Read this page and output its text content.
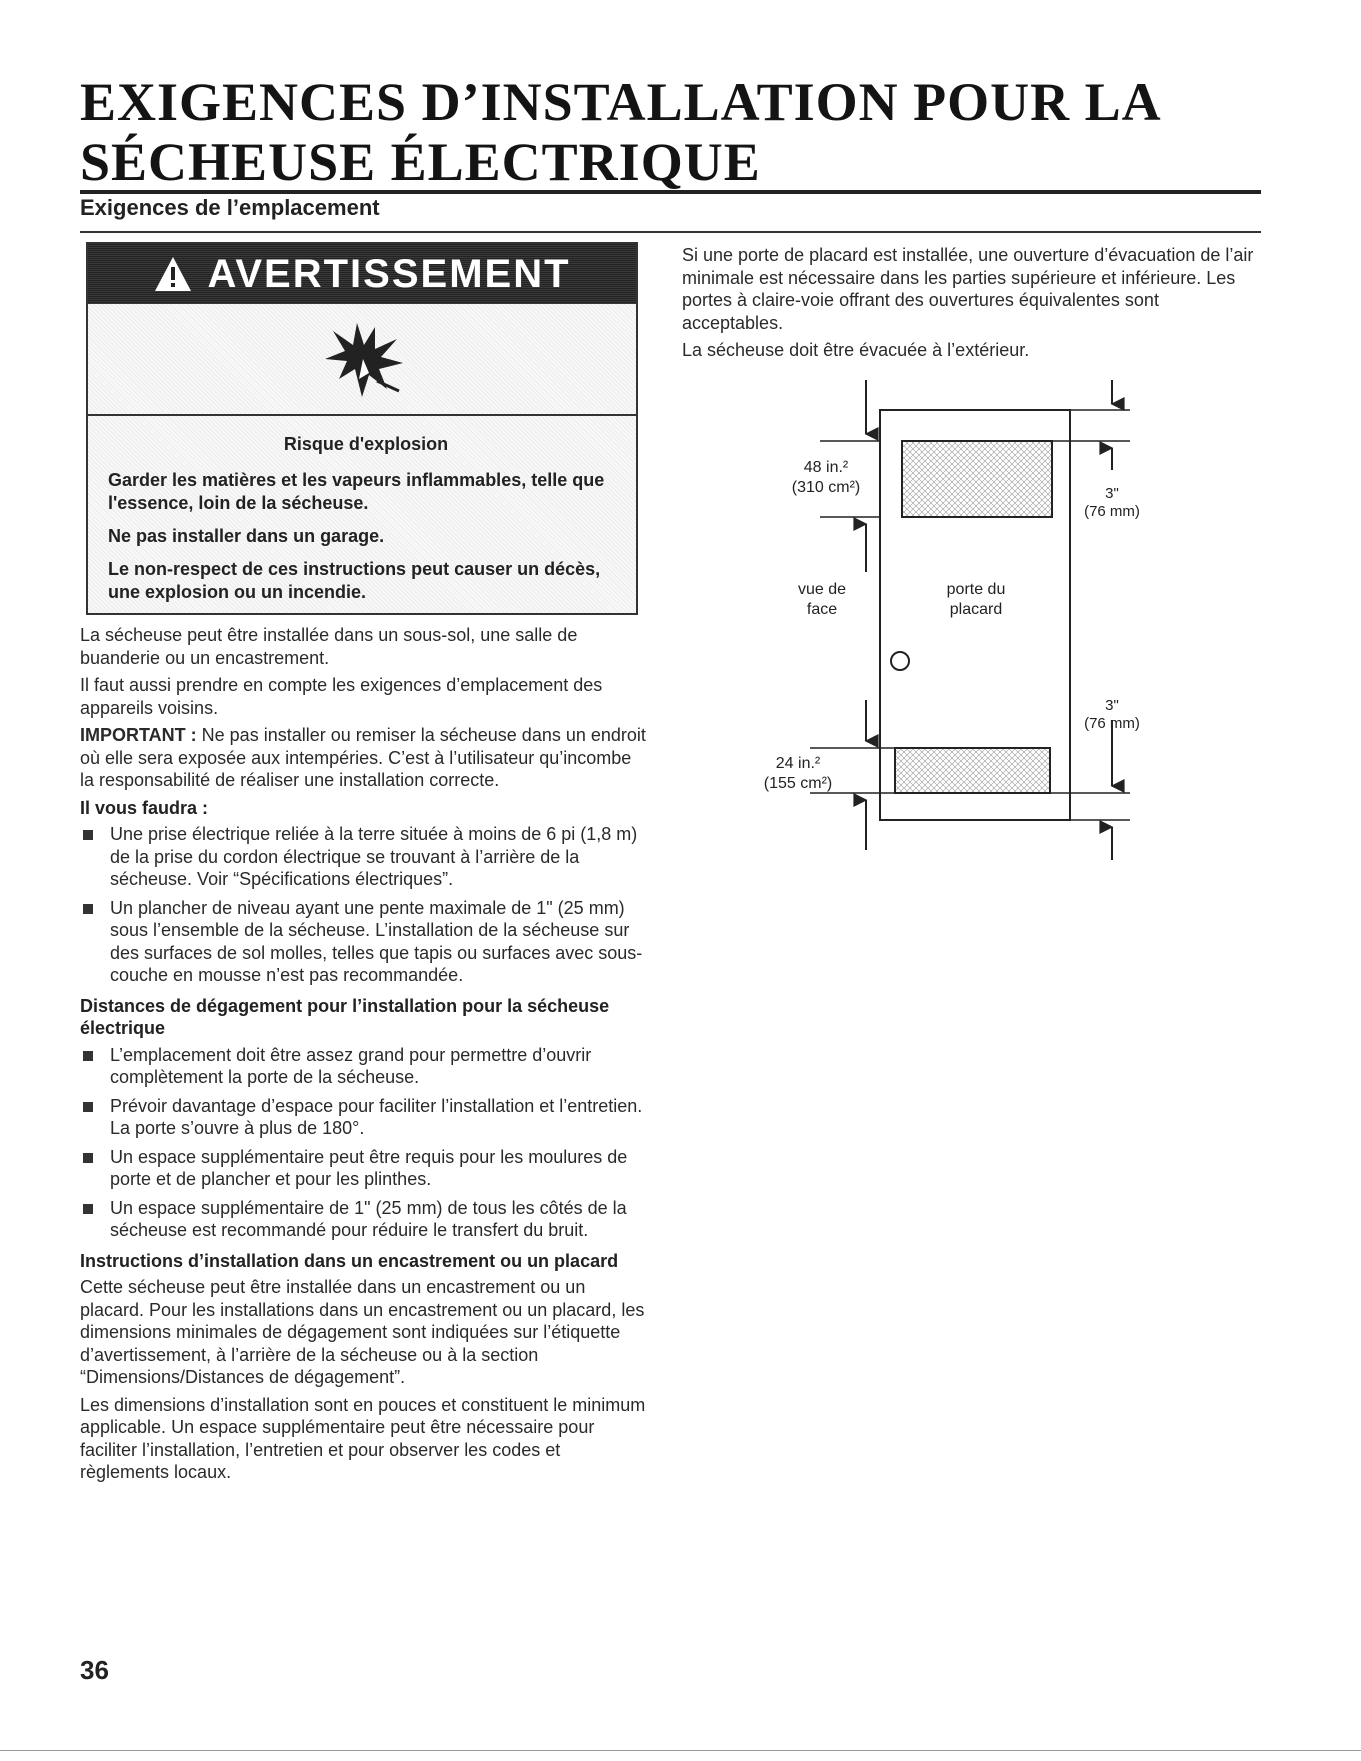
EXIGENCES D’INSTALLATION POUR LA SÉCHEUSE ÉLECTRIQUE
Exigences de l’emplacement
AVERTISSEMENT
Risque d'explosion

Garder les matières et les vapeurs inflammables, telle que l'essence, loin de la sécheuse.

Ne pas installer dans un garage.

Le non-respect de ces instructions peut causer un décès, une explosion ou un incendie.

La sécheuse peut être installée dans un sous-sol, une salle de buanderie ou un encastrement.

Il faut aussi prendre en compte les exigences d’emplacement des appareils voisins.

IMPORTANT : Ne pas installer ou remiser la sécheuse dans un endroit où elle sera exposée aux intempéries. C’est à l’utilisateur qu’incombe la responsabilité de réaliser une installation correcte.

Il vous faudra :
Une prise électrique reliée à la terre située à moins de 6 pi (1,8 m) de la prise du cordon électrique se trouvant à l’arrière de la sécheuse. Voir “Spécifications électriques”.
Un plancher de niveau ayant une pente maximale de 1" (25 mm) sous l’ensemble de la sécheuse. L’installation de la sécheuse sur des surfaces de sol molles, telles que tapis ou surfaces avec sous-couche en mousse n’est pas recommandée.
Distances de dégagement pour l’installation pour la sécheuse électrique
L’emplacement doit être assez grand pour permettre d’ouvrir complètement la porte de la sécheuse.
Prévoir davantage d’espace pour faciliter l’installation et l’entretien. La porte s’ouvre à plus de 180°.
Un espace supplémentaire peut être requis pour les moulures de porte et de plancher et pour les plinthes.
Un espace supplémentaire de 1" (25 mm) de tous les côtés de la sécheuse est recommandé pour réduire le transfert du bruit.
Instructions d’installation dans un encastrement ou un placard

Cette sécheuse peut être installée dans un encastrement ou un placard. Pour les installations dans un encastrement ou un placard, les dimensions minimales de dégagement sont indiquées sur l’étiquette d’avertissement, à l’arrière de la sécheuse ou à la section “Dimensions/Distances de dégagement”.

Les dimensions d’installation sont en pouces et constituent le minimum applicable. Un espace supplémentaire peut être nécessaire pour faciliter l’installation, l’entretien et pour observer les codes et règlements locaux.

Si une porte de placard est installée, une ouverture d’évacuation de l’air minimale est nécessaire dans les parties supérieure et inférieure. Les portes à claire-voie offrant des ouvertures équivalentes sont acceptables.

La sécheuse doit être évacuée à l’extérieur.

48 in.²
(310 cm²)	3"
(76 mm)
vue de
face
porte du
placard
3"
(76 mm)
24 in.²
(155 cm²)
36
